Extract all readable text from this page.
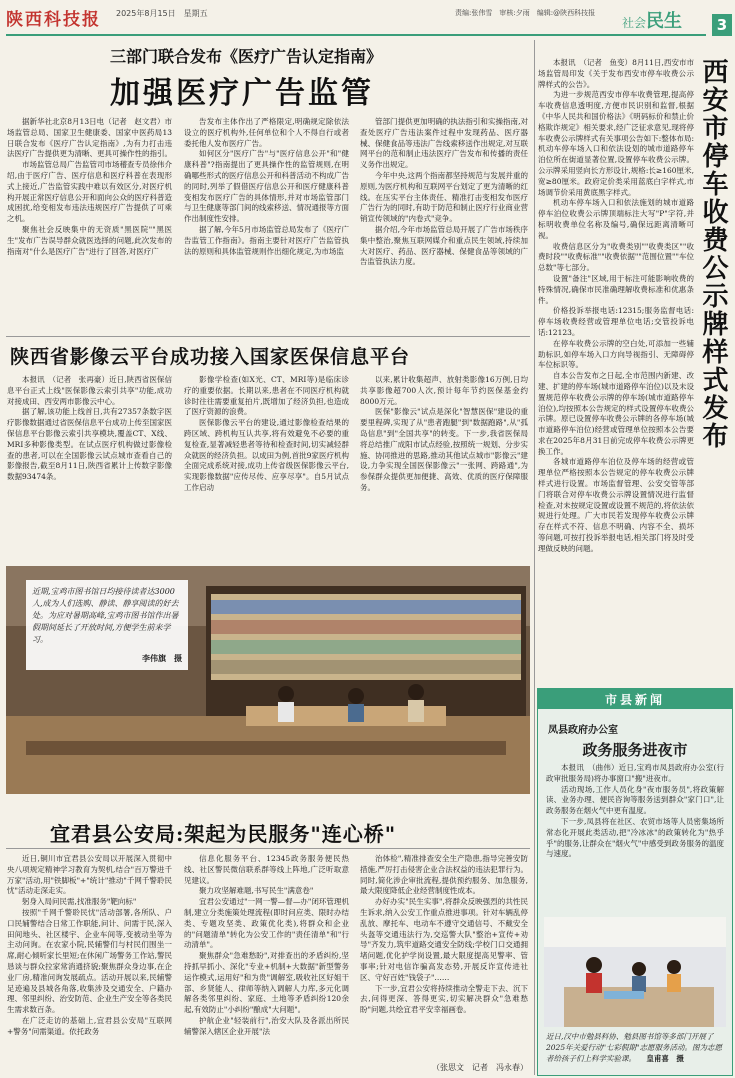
陕西科技报 2025年8月15日　星期五	责编:张伟雪　审核:夕雨　编辑:@陕西科技报
社会民生	3
三部门联合发布《医疗广告认定指南》
加强医疗广告监管

据新华社北京8月13日电（记者　赵文君）市场监管总局、国家卫生健康委、国家中医药局13日联合发布《医疗广告认定指南》,为有力打击违法医疗广告提供更为清晰、更具可操作性的指引。

市场监管总局广告监管司市场稽查专员徐伟介绍,由于医疗广告、医疗信息和医疗科普在表现形式上接近,广告监管实践中难以有效区分,对医疗机构开展正常医疗信息公开和面向公众的医疗科普造成困扰,给变相发布违法违规医疗广告提供了可乘之机。

聚焦社会反映集中的无资质"黑医院""黑医生"发布广告误导群众就医选择的问题,此次发布的指南对"什么是医疗广告"进行了回答,对医疗广

告发布主体作出了严格限定,明确规定除依法设立的医疗机构外,任何单位和个人不得自行或者委托他人发布医疗广告。

如何区分"医疗广告"与"医疗信息公开"和"健康科普"?指南提出了更具操作性的监管规则,在明确哪些形式的医疗信息公开和科普活动不构成广告的同时,列举了假借医疗信息公开和医疗健康科普变相发布医疗广告的具体情形,并对市场监管部门与卫生健康等部门间的线索移送、情况通报等方面作出制度性安排。

据了解,今年5月市场监管总局发布了《医疗广告监管工作指南》。指南主要针对医疗广告监管执法的原则和具体监管规则作出细化规定,为市场监

管部门提供更加明确的执法指引和实操指南,对查处医疗广告违法案件过程中发现药品、医疗器械、保健食品等违法广告线索移送作出规定,对互联网平台的范和制止违法医疗广告发布和传播的责任义务作出规定。

今年中央,这两个指南都坚持规范与发展并重的原则,为医疗机构和互联网平台划定了更为清晰的红线。在压实平台主体责任、精准打击变相发布医疗广告行为的同时,有助于防范和制止医疗行业商业营销宣传领域的"内卷式"竞争。

据介绍,今年市场监管总局开展了广告市场秩序集中整治,聚焦互联网媒介和重点民生领域,持续加大对医疗、药品、医疗器械、保健食品等领域的广告监管执法力度。

陕西省影像云平台成功接入国家医保信息平台

本报讯　（记者　张再豪）近日,陕西省医保信息平台正式上线"医保影像云索引共享"功能,成功对接成田、西安两市影像云中心。

据了解,该功能上线首日,共有27357条数字医疗影像数据通过省医保信息平台成功上传至国家医保信息平台影像云索引共享模块,覆盖CT、X线、MRI多种影像类型。在试点医疗机构做过影像检查的患者,可以在全国影像云试点城市查看自己的影像报告,截至8月11日,陕西省累计上传数字影像数据93474条。

影像学检查(如X光、CT、MRI等)是临床诊疗的重要依据。长期以来,患者在不同医疗机构就诊时往往需要重复拍片,既增加了经济负担,也造成了医疗资源的浪费。

医保影像云平台的建设,通过影像检查结果的跨区域、跨机构互认共享,将有效避免不必要的重复检查,显著减轻患者等待和检查时间,切实减轻群众就医的经济负担。以成田为例,首批9家医疗机构全面完成系统对接,成功上传省级医保影像云平台,实现影像数据"应传尽传、应享尽享"。自5月试点工作启动

以来,累计收集超声、放射类影像16万例,日均共享影像超700人次,预计每年节约医保基金约8000万元。

医保"影像云"试点是深化"智慧医保"建设的重要里程碑,实现了从"患者跑腿"到"数据跑路",从"孤岛信息"到"全国共享"的转变。下一步,我省医保局将总结推广成阳市试点经验,按照统一规划、分步实施、协同推进的思路,推动其他试点城市"影像云"建设,力争实现全国医保影像云"一张网、跨路通",为参保群众提供更加便捷、高效、优质的医疗保障服务。

近期,宝鸡市图书馆日均接待读者达3000人,成为人们选购、静读、静享阅读的好去处。为应对暑期高峰,宝鸡市图书馆作出暑假期间延长了开放时间,方便学生前来学习。
李伟旗　摄
宜君县公安局:架起为民服务"连心桥"

近日,铜川市宜君县公安局以开展深入贯彻中央八项规定精神学习教育为契机,结合"百万警进千万家"活动,用"铁脚板"+"统计"推动"千网千警聆民忧"活动走深走实。

躬身入局问民需,找准服务"靶向标"

按照"千网千警聆民忧"活动部署,各所队、户口民辅警结合日常工作职能,问计、问需于民,深入田间地头、社区楼宇、企业车间等,变被动坐等为主动问询。在农家小院,民辅警们与村民们围坐一席,耐心倾听家长里短;在休闲广场警务工作站,警民恳谈与群众拉家常消通挤貌;聚焦群众身边事,在企业厂房,精准问询发展疏点。活动开展以来,民辅警足迹遍及县城各角落,收集涉及交通安全、户籍办理、邻里纠纷、治安防范、企业生产安全等各类民生需求数百条。

在广泛走访的基础上,宜君县公安局"互联网+警务"问需渠道。依托政务

信息化服务平台、12345政务服务便民热线、社区警民微信联系群等线上阵地,广泛听取意见建议。

聚力攻坚解难题,书写民生"满意卷"

宜君公安通过"一网一警—督—办"闭环管理机制,建立分类施策处理流程(即时问应类、限时办结类、专题攻坚类、政策优化类),将群众和企业的"问题清单"转化为公安工作的"责任清单"和"行动清单"。

聚焦群众"急难愁盼",对排查出的矛盾纠纷,坚持抓早抓小、深化"专业+机制+大数据"新型警务运作模式,运用好"和为贵"调解室,吸收社区好姐干部、乡贤能人、律师等纳入调解人力库,多元化调解各类邻里纠纷、家庭、土地等矛盾纠纷120余起,有效防止"小纠纷"酿成"大问题"。

护航企业"轻装前行",治安大队及各派出所民辅警深入辖区企业开展"法

治体检",精准排查安全生产隐患,指导完善安防措施,严厉打击侵害企业合法权益的违法犯罪行为。同时,简化涉企审批流程,提供预约服务、加急服务,最大限度降低企业经营制度性成本。

办好办实"民生实事",将群众反映强烈的共性民生诉求,纳入公安工作重点推进事项。针对车辆乱停乱放、摩托车、电动车不遵守交通信号、不戴安全头盔等交通违法行为,交巡警大队"整治+宣传+劝导"齐发力,筑牢道路交通安全防线;学校门口交通拥堵问题,优化护学岗设置,最大限度提高见警率、管事率;针对电信诈骗高发态势,开展反诈宣传进社区、守好百姓"钱袋子"……

下一步,宜君公安将持续推动全警走下去、沉下去,问得更深、答得更实,切实解决群众"急难愁盼"问题,共绘宜君平安幸福画卷。

（张思文　记者　冯永春）
西安市停车收费公示牌样式发布

本报讯　（记者　鱼变）8月11日,西安市市场监管局印发《关于发布西安市停车收费公示牌样式的公告》。

为进一步规范西安市停车收费管理,提高停车收费信息透明度,方便市民识别和监督,根据《中华人民共和国价格法》《明码标价和禁止价格欺诈规定》相关要求,经广泛征求意见,现将停车收费公示牌样式有关事项公告如下:整体布局:机动车停车场入口和依法设划的城市道路停车泊位所在街道显著位置,设置停车收费公示牌。公示牌采用竖向长方形设计,规格:长≥160厘米,宽≥80厘米。政府定价类采用蓝底白字样式,市场调节价采用黄底黑字样式。

机动车停车场入口和依法施划的城市道路停车泊位收费公示牌顶端标注大写"P"字符,并标明收费单位名称及编号,确保远距离清晰可视。

收费信息区分为"收费类别""收费类区""收费时段""收费标准""收费依据""范围位置""车位总数"等七部分。

设置"备注"区域,用于标注可能影响收费的特殊情况,确保市民准确理解收费标准和优惠条件。

价格投诉举报电话:12315;服务监督电话:停车场收费经营或管理单位电话;交管投诉电话:12123。

在停车收费公示牌的空白处,可添加一些辅助标识,如停车场入口方向导视指引、无障碍停车位标识等。

自本公告发布之日起,全市范围内新建、改建、扩建的停车场(城市道路停车泊位)以及未设置规范停车收费公示牌的停车场(城市道路停车泊位),均按照本公告规定的样式设置停车收费公示牌。原已设置停车收费公示牌的各停车场(城市道路停车泊位)经营或管理单位按照本公告要求在2025年8月31日前完成停车收费公示牌更换工作。

各城市道路停车泊位及停车场的经营或管理单位严格按照本公告规定的停车收费公示牌样式进行设置。市场监督管理、公安交管等部门将联合对停车收费公示牌设置情况进行监督检查,对未按规定设置或设置不规范的,将依法依规进行处理。广大市民若发现停车收费公示牌存在样式不符、信息不明确、内容不全、损坏等问题,可按打投诉举报电话,相关部门将及时受理做反映的问题。

市县新闻
凤县政府办公室
政务服务进夜市

本报讯　（曲伟）近日,宝鸡市凤县政府办公室(行政审批服务局)将办事窗口"搬"进夜市。

活动现场,工作人员化身"夜市服务员",将政策解读、业务办理、便民咨询等服务送到群众"家门口",让政务服务在烟火气中更有温度。

下一步,凤县将在社区、农贸市场等人员密集场所常态化开展此类活动,把"冷冰冰"的政策转化为"热乎乎"的服务,让群众在"烟火气"中感受到政务服务的温度与速度。

近日,汉中市勉县科协、勉县图书馆等多部门开展了2025年关爱行动"七彩假期"志愿服务活动。图为志愿者给孩子们上科学实验课。 皇甫喜　摄
